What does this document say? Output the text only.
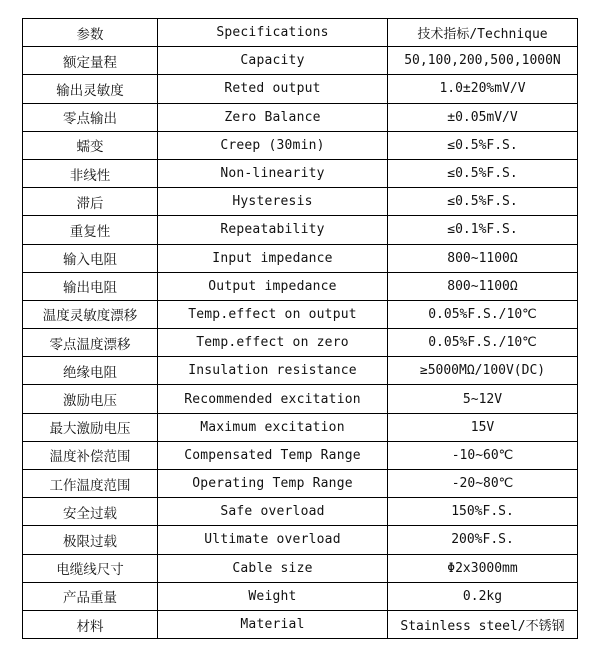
参数	Specifications	技术指标/Technique
额定量程	Capacity	50,100,200,500,1000N
输出灵敏度	Reted output	1.0±20%mV/V
零点输出	Zero Balance	±0.05mV/V
蠕变	Creep (30min)	≤0.5%F.S.
非线性	Non-linearity	≤0.5%F.S.
滞后	Hysteresis	≤0.5%F.S.
重复性	Repeatability	≤0.1%F.S.
输入电阻	Input impedance	800~1100Ω
输出电阻	Output impedance	800~1100Ω
温度灵敏度漂移	Temp.effect on output	0.05%F.S./10℃
零点温度漂移	Temp.effect on zero	0.05%F.S./10℃
绝缘电阻	Insulation resistance	≥5000MΩ/100V(DC)
激励电压	Recommended excitation	5~12V
最大激励电压	Maximum excitation	15V
温度补偿范围	Compensated Temp Range	-10~60℃
工作温度范围	Operating Temp Range	-20~80℃
安全过载	Safe overload	150%F.S.
极限过载	Ultimate overload	200%F.S.
电缆线尺寸	Cable size	Φ2x3000mm
产品重量	Weight	0.2kg
材料	Material	Stainless steel/不锈钢
